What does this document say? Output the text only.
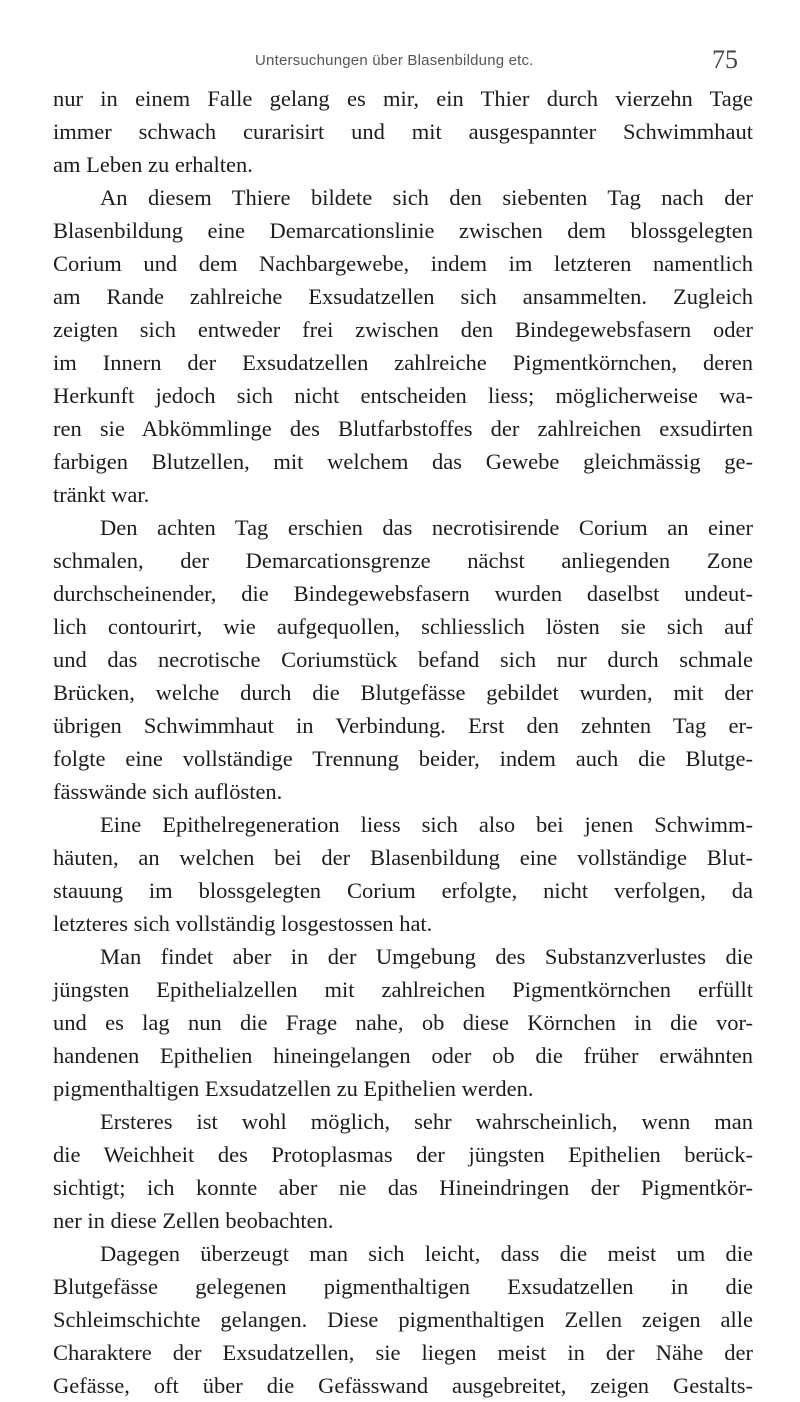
Untersuchungen über Blasenbildung etc.	75
nur in einem Falle gelang es mir, ein Thier durch vierzehn Tage
immer schwach curarisirt und mit ausgespannter Schwimmhaut
am Leben zu erhalten.
An diesem Thiere bildete sich den siebenten Tag nach der
Blasenbildung eine Demarcationslinie zwischen dem blossgelegten
Corium und dem Nachbargewebe, indem im letzteren namentlich
am Rande zahlreiche Exsudatzellen sich ansammelten. Zugleich
zeigten sich entweder frei zwischen den Bindegewebsfasern oder
im Innern der Exsudatzellen zahlreiche Pigmentkörnchen, deren
Herkunft jedoch sich nicht entscheiden liess; möglicherweise wa-
ren sie Abkömmlinge des Blutfarbstoffes der zahlreichen exsudirten
farbigen Blutzellen, mit welchem das Gewebe gleichmässig ge-
tränkt war.
Den achten Tag erschien das necrotisirende Corium an einer
schmalen, der Demarcationsgrenze nächst anliegenden Zone
durchscheinender, die Bindegewebsfasern wurden daselbst undeut-
lich contourirt, wie aufgequollen, schliesslich lösten sie sich auf
und das necrotische Coriumstück befand sich nur durch schmale
Brücken, welche durch die Blutgefässe gebildet wurden, mit der
übrigen Schwimmhaut in Verbindung. Erst den zehnten Tag er-
folgte eine vollständige Trennung beider, indem auch die Blutge-
fässwände sich auflösten.
Eine Epithelregeneration liess sich also bei jenen Schwimm-
häuten, an welchen bei der Blasenbildung eine vollständige Blut-
stauung im blossgelegten Corium erfolgte, nicht verfolgen, da
letzteres sich vollständig losgestossen hat.
Man findet aber in der Umgebung des Substanzverlustes die
jüngsten Epithelialzellen mit zahlreichen Pigmentkörnchen erfüllt
und es lag nun die Frage nahe, ob diese Körnchen in die vor-
handenen Epithelien hineingelangen oder ob die früher erwähnten
pigmenthaltigen Exsudatzellen zu Epithelien werden.
Ersteres ist wohl möglich, sehr wahrscheinlich, wenn man
die Weichheit des Protoplasmas der jüngsten Epithelien berück-
sichtigt; ich konnte aber nie das Hineindringen der Pigmentkör-
ner in diese Zellen beobachten.
Dagegen überzeugt man sich leicht, dass die meist um die
Blutgefässe gelegenen pigmenthaltigen Exsudatzellen in die
Schleimschichte gelangen. Diese pigmenthaltigen Zellen zeigen alle
Charaktere der Exsudatzellen, sie liegen meist in der Nähe der
Gefässe, oft über die Gefässwand ausgebreitet, zeigen Gestalts-
